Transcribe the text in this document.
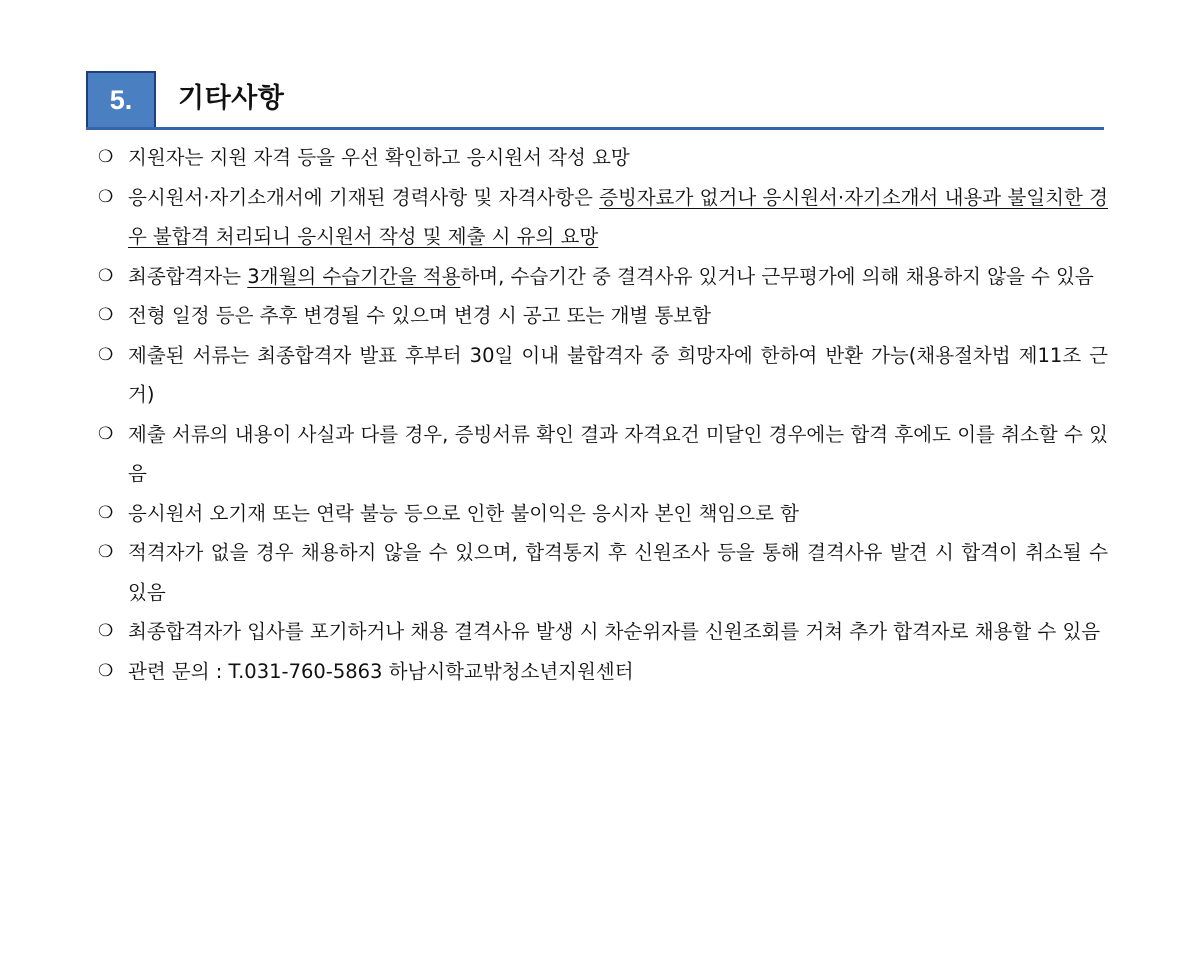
5.	기타사항
❍ 지원자는 지원 자격 등을 우선 확인하고 응시원서 작성 요망
❍ 응시원서·자기소개서에 기재된 경력사항 및 자격사항은 증빙자료가 없거나 응시원서·자기소개서 내용과 불일치한 경우 불합격 처리되니 응시원서 작성 및 제출 시 유의 요망
❍ 최종합격자는 3개월의 수습기간을 적용하며, 수습기간 중 결격사유 있거나 근무평가에 의해 채용하지 않을 수 있음
❍ 전형 일정 등은 추후 변경될 수 있으며 변경 시 공고 또는 개별 통보함
❍ 제출된 서류는 최종합격자 발표 후부터 30일 이내 불합격자 중 희망자에 한하여 반환 가능(채용절차법 제11조 근거)
❍ 제출 서류의 내용이 사실과 다를 경우, 증빙서류 확인 결과 자격요건 미달인 경우에는 합격 후에도 이를 취소할 수 있음
❍ 응시원서 오기재 또는 연락 불능 등으로 인한 불이익은 응시자 본인 책임으로 함
❍ 적격자가 없을 경우 채용하지 않을 수 있으며, 합격통지 후 신원조사 등을 통해 결격사유 발견 시 합격이 취소될 수 있음
❍ 최종합격자가 입사를 포기하거나 채용 결격사유 발생 시 차순위자를 신원조회를 거쳐 추가 합격자로 채용할 수 있음
❍ 관련 문의 : T.031-760-5863 하남시학교밖청소년지원센터
